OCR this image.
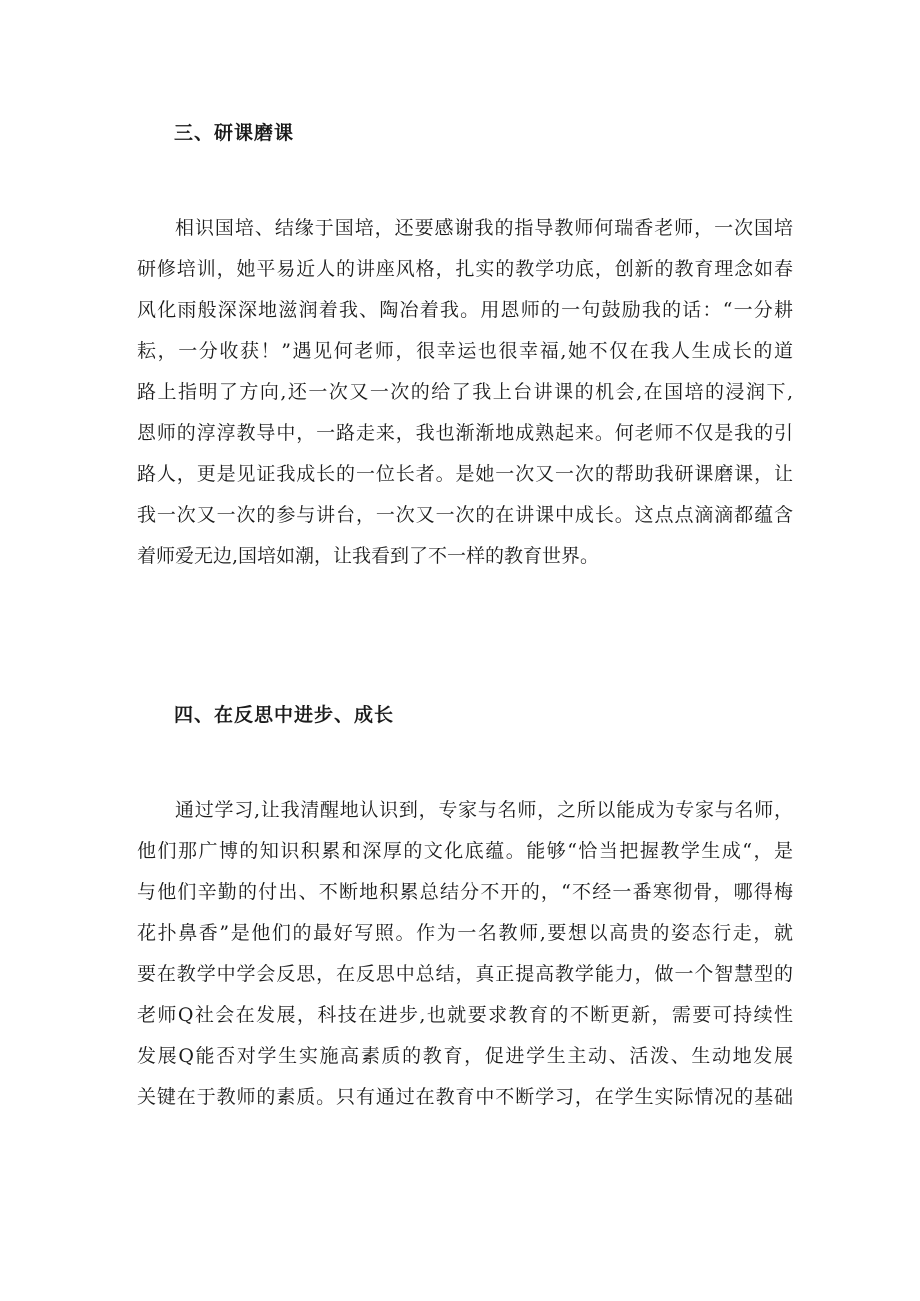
三、研课磨课
相识国培、结缘于国培，还要感谢我的指导教师何瑞香老师，一次国培
研修培训，她平易近人的讲座风格，扎实的教学功底，创新的教育理念如春
风化雨般深深地滋润着我、陶冶着我。用恩师的一句鼓励我的话：“一分耕
耘，一分收获！”遇见何老师，很幸运也很幸福,她不仅在我人生成长的道
路上指明了方向,还一次又一次的给了我上台讲课的机会,在国培的浸润下,
恩师的淳淳教导中，一路走来，我也渐渐地成熟起来。何老师不仅是我的引
路人，更是见证我成长的一位长者。是她一次又一次的帮助我研课磨课，让
我一次又一次的参与讲台，一次又一次的在讲课中成长。这点点滴滴都蕴含
着师爱无边,国培如潮，让我看到了不一样的教育世界。
四、在反思中进步、成长
通过学习,让我清醒地认识到，专家与名师，之所以能成为专家与名师，
他们那广博的知识积累和深厚的文化底蕴。能够“恰当把握教学生成“，是
与他们辛勤的付出、不断地积累总结分不开的，“不经一番寒彻骨，哪得梅
花扑鼻香”是他们的最好写照。作为一名教师,要想以高贵的姿态行走，就
要在教学中学会反思，在反思中总结，真正提高教学能力，做一个智慧型的
老师Q社会在发展，科技在进步,也就要求教育的不断更新，需要可持续性
发展Q能否对学生实施高素质的教育，促进学生主动、活泼、生动地发展
关键在于教师的素质。只有通过在教育中不断学习，在学生实际情况的基础
